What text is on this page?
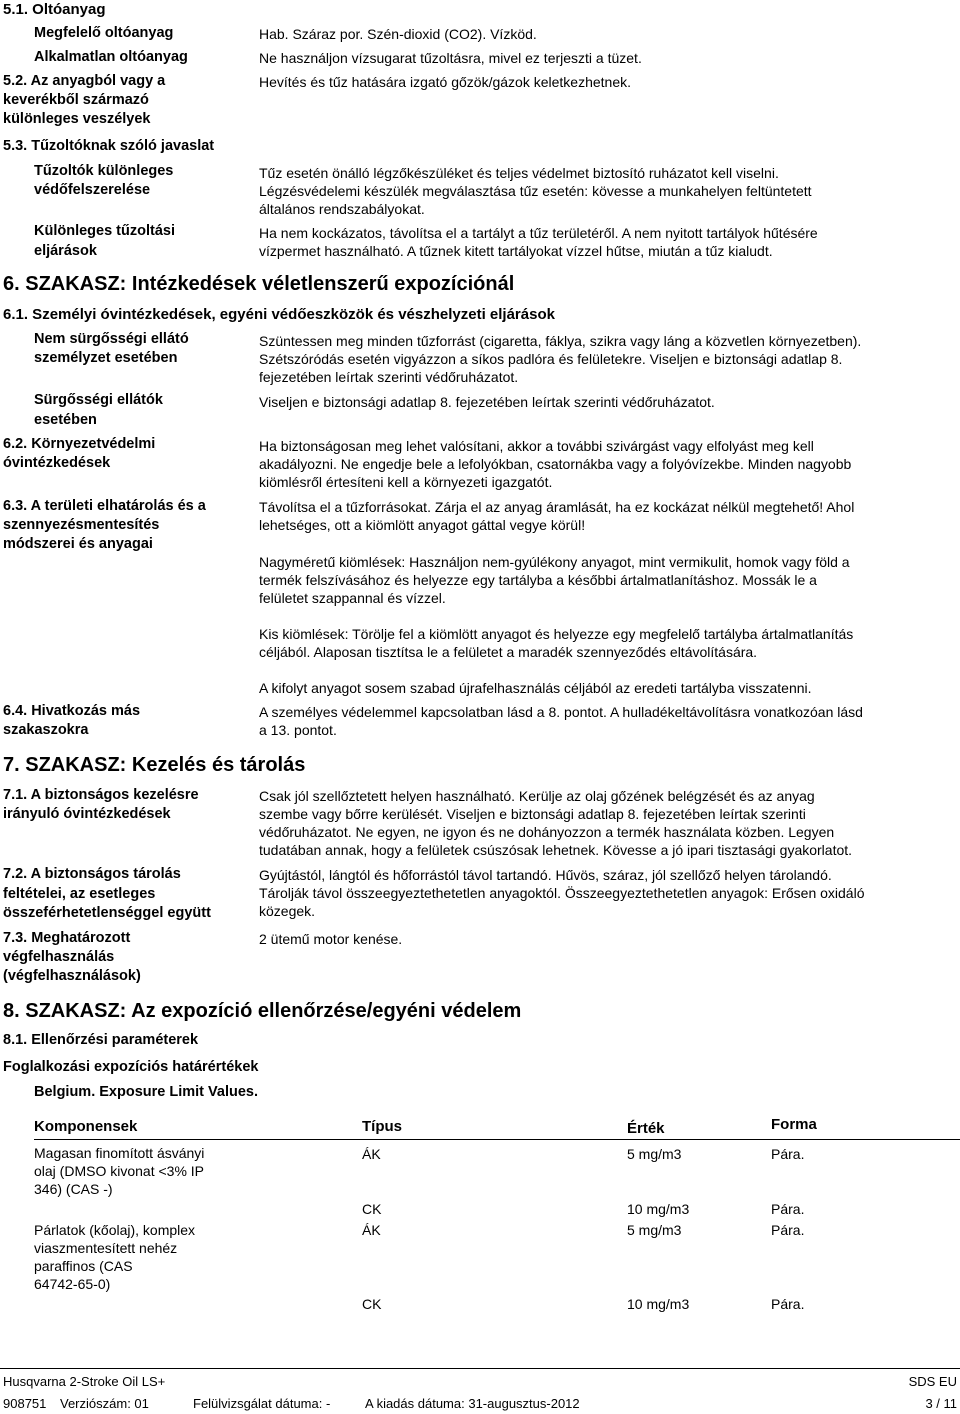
5.1. Oltóanyag
Megfelelő oltóanyag	Hab. Száraz por. Szén-dioxid (CO2). Vízköd.
Alkalmatlan oltóanyag	Ne használjon vízsugarat tűzoltásra, mivel ez terjeszti a tüzet.
5.2. Az anyagból vagy a
keverékből származó
különleges veszélyek
Hevítés és tűz hatására izgató gőzök/gázok keletkezhetnek.
5.3. Tűzoltóknak szóló javaslat
Tűzoltók különleges
védőfelszerelése
Tűz esetén önálló légzőkészüléket és teljes védelmet biztosító ruházatot kell viselni.
Légzésvédelemi készülék megválasztása tűz esetén: kövesse a munkahelyen feltüntetett
általános rendszabályokat.
Különleges tűzoltási
eljárások
Ha nem kockázatos, távolítsa el a tartályt a tűz területéről. A nem nyitott tartályok hűtésére
vízpermet használható. A tűznek kitett tartályokat vízzel hűtse, miután a tűz kialudt.
6. SZAKASZ: Intézkedések véletlenszerű expozíciónál
6.1. Személyi óvintézkedések, egyéni védőeszközök és vészhelyzeti eljárások
Nem sürgősségi ellátó
személyzet esetében
Szüntessen meg minden tűzforrást (cigaretta, fáklya, szikra vagy láng a közvetlen környezetben).
Szétszóródás esetén vigyázzon a síkos padlóra és felületekre. Viseljen e biztonsági adatlap 8.
fejezetében leírtak szerinti védőruházatot.
Sürgősségi ellátók
esetében
Viseljen e biztonsági adatlap 8. fejezetében leírtak szerinti védőruházatot.
6.2. Környezetvédelmi
óvintézkedések
Ha biztonságosan meg lehet valósítani, akkor a további szivárgást vagy elfolyást meg kell
akadályozni. Ne engedje bele a lefolyókban, csatornákba vagy a folyóvízekbe. Minden nagyobb
kiömlésről értesíteni kell a környezeti igazgatót.
6.3. A területi elhatárolás és a
szennyezésmentesítés
módszerei és anyagai
Távolítsa el a tűzforrásokat. Zárja el az anyag áramlását, ha ez kockázat nélkül megtehető! Ahol
lehetséges, ott a kiömlött anyagot gáttal vegye körül!
Nagyméretű kiömlések: Használjon nem-gyúlékony anyagot, mint vermikulit, homok vagy föld a
termék felszívásához és helyezze egy tartályba a későbbi ártalmatlanításhoz. Mossák le a
felületet szappannal és vízzel.
Kis kiömlések: Törölje fel a kiömlött anyagot és helyezze egy megfelelő tartályba ártalmatlanítás
céljából. Alaposan tisztítsa le a felületet a maradék szennyeződés eltávolítására.
A kifolyt anyagot sosem szabad újrafelhasználás céljából az eredeti tartályba visszatenni.
6.4. Hivatkozás más
szakaszokra
A személyes védelemmel kapcsolatban lásd a 8. pontot. A hulladékeltávolításra vonatkozóan lásd
a 13. pontot.
7. SZAKASZ: Kezelés és tárolás
7.1. A biztonságos kezelésre
irányuló óvintézkedések
Csak jól szellőztetett helyen használható. Kerülje az olaj gőzének belégzését és az anyag
szembe vagy bőrre kerülését. Viseljen e biztonsági adatlap 8. fejezetében leírtak szerinti
védőruházatot. Ne egyen, ne igyon és ne dohányozzon a termék használata közben. Legyen
tudatában annak, hogy a felületek csúszósak lehetnek. Kövesse a jó ipari tisztasági gyakorlatot.
7.2. A biztonságos tárolás
feltételei, az esetleges
összeférhetetlenséggel együtt
Gyújtástól, lángtól és hőforrástól távol tartandó. Hűvös, száraz, jól szellőző helyen tárolandó.
Tárolják távol összeegyeztethetetlen anyagoktól. Összeegyeztethetetlen anyagok: Erősen oxidáló
közegek.
7.3. Meghatározott
végfelhasználás
(végfelhasználások)
2 ütemű motor kenése.
8. SZAKASZ: Az expozíció ellenőrzése/egyéni védelem
8.1. Ellenőrzési paraméterek
Foglalkozási expozíciós határértékek
Belgium. Exposure Limit Values.
Komponensek	Típus	Érték	Forma
Magasan finomított ásványi
olaj (DMSO kivonat <3% IP
346) (CAS -)
ÁK	5 mg/m3	Pára.
CK	10 mg/m3	Pára.
Párlatok (kőolaj), komplex
viaszmentesített nehéz
paraffinos (CAS
64742-65-0)
ÁK	5 mg/m3	Pára.
CK	10 mg/m3	Pára.
Husqvarna 2-Stroke Oil LS+	SDS EU
908751 Verziószám: 01	Felülvizsgálat dátuma: -	A kiadás dátuma: 31-augusztus-2012	3 / 11
